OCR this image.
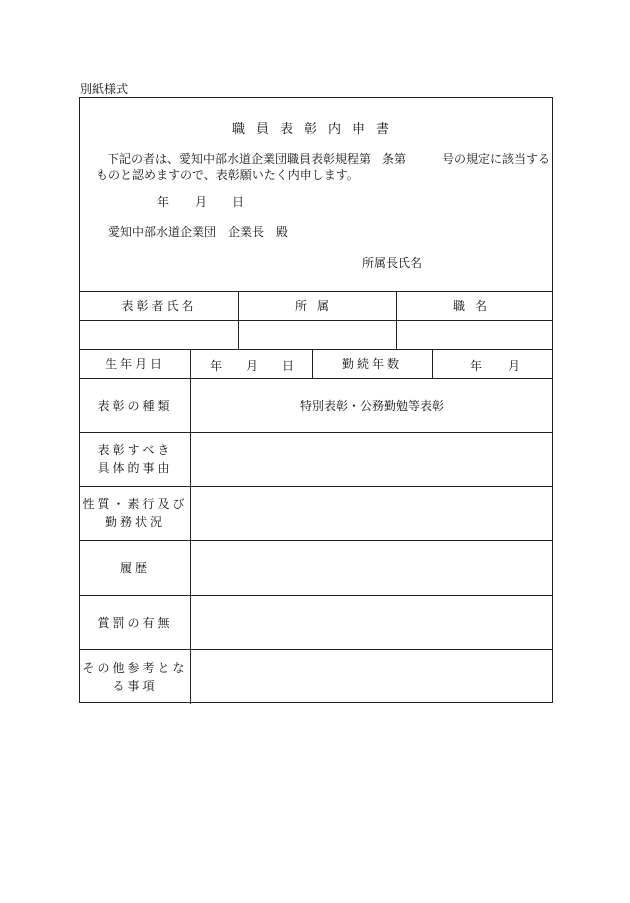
別紙様式
職員表彰内申書
下記の者は、愛知中部水道企業団職員表彰規程第 条第	号の規定に該当する
ものと認めますので、表彰願いたく内申します。
年 月 日
愛知中部水道企業団　企業長　殿
所属長氏名
表彰者氏名	所属	職名
生年月日	年 月 日	勤続年数	年 月
表彰の種類	特別表彰・公務勤勉等表彰
表彰すべき
具体的事由
性質・素行及び
勤務状況
履歴
賞罰の有無
その他参考とな
る事項
